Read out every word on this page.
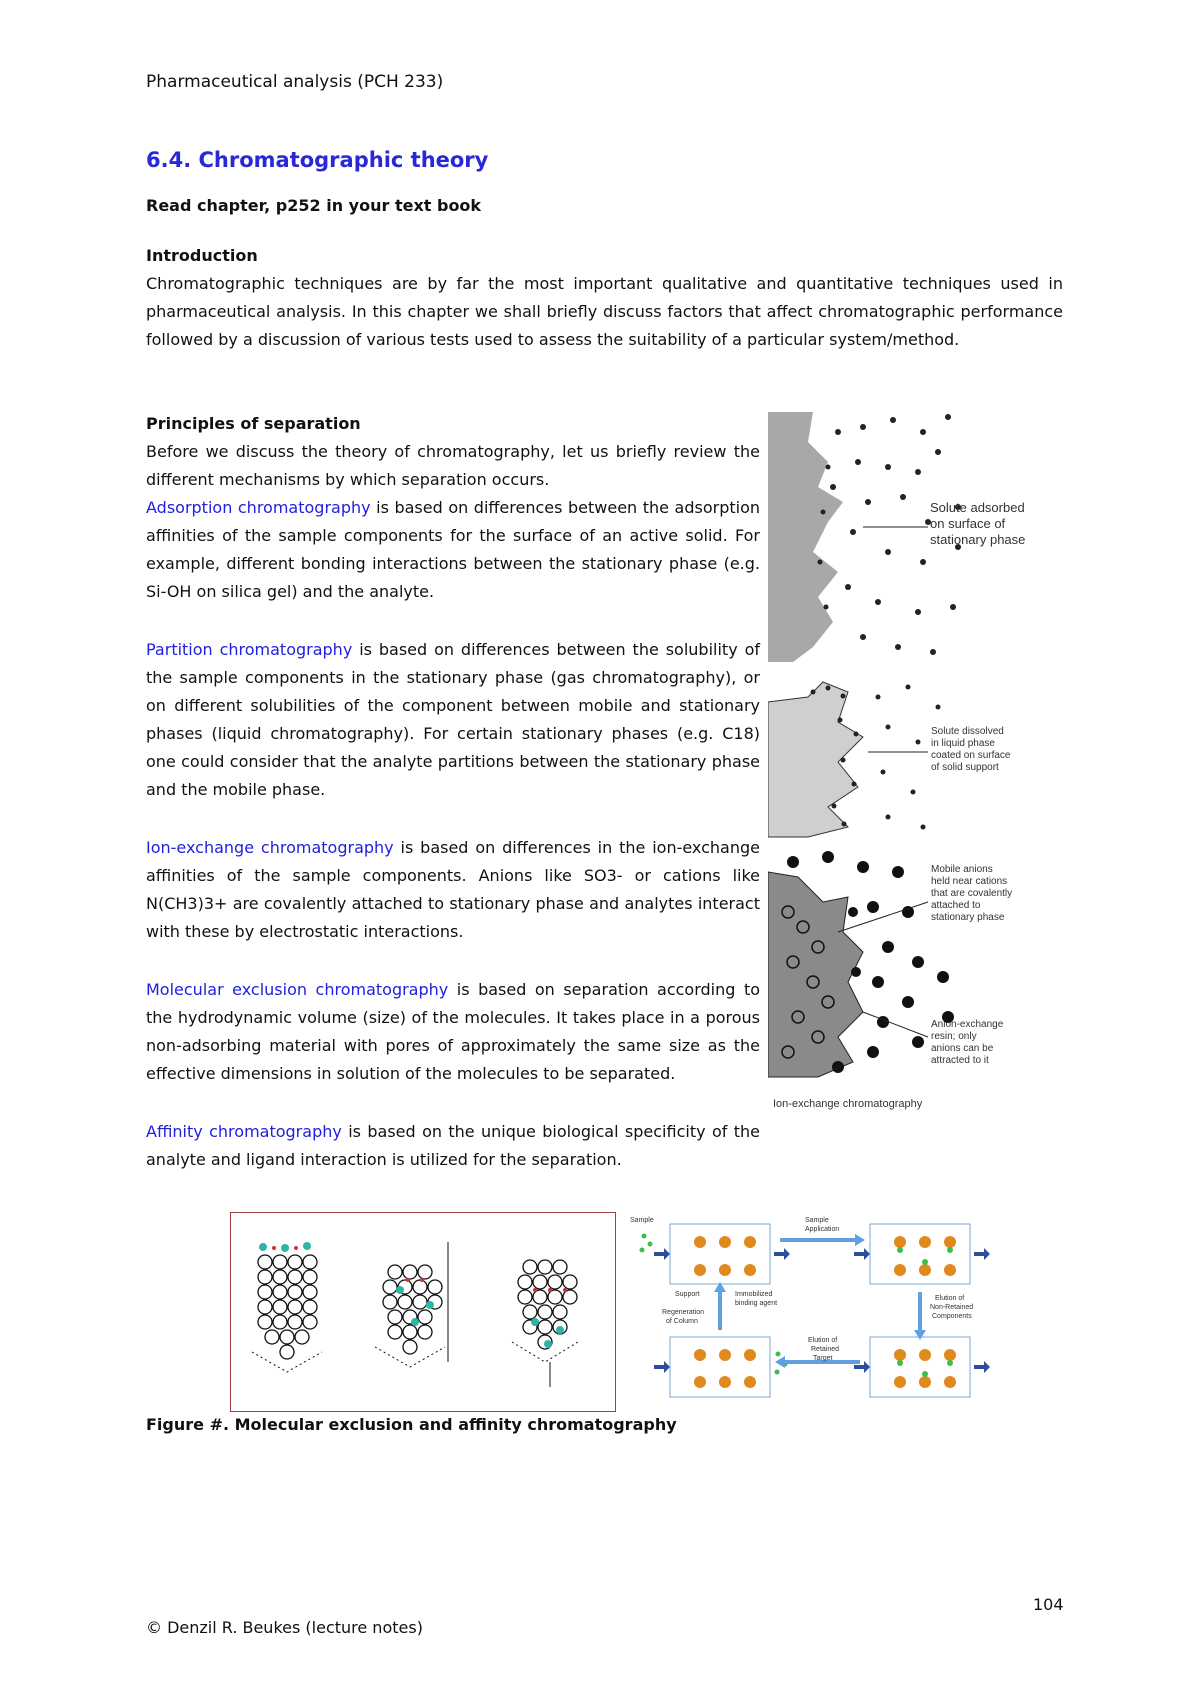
Pharmaceutical analysis (PCH 233)
6.4. Chromatographic theory
Read chapter, p252 in your text book
Introduction
Chromatographic techniques are by far the most important qualitative and quantitative techniques used in pharmaceutical analysis. In this chapter we shall briefly discuss factors that affect chromatographic performance followed by a discussion of various tests used to assess the suitability of a particular system/method.
Principles of separation
Before we discuss the theory of chromatography, let us briefly review the different mechanisms by which separation occurs.
Adsorption chromatography is based on differences between the adsorption affinities of the sample components for the surface of an active solid. For example, different bonding interactions between the stationary phase (e.g. Si-OH on silica gel) and the analyte.
Partition chromatography is based on differences between the solubility of the sample components in the stationary phase (gas chromatography), or on different solubilities of the component between mobile and stationary phases (liquid chromatography). For certain stationary phases (e.g. C18) one could consider that the analyte partitions between the stationary phase and the mobile phase.
Ion-exchange chromatography is based on differences in the ion-exchange affinities of the sample components. Anions like SO3- or cations like N(CH3)3+ are covalently attached to stationary phase and analytes interact with these by electrostatic interactions.
Molecular exclusion chromatography is based on separation according to the hydrodynamic volume (size) of the molecules. It takes place in a porous non-adsorbing material with pores of approximately the same size as the effective dimensions in solution of the molecules to be separated.
Affinity chromatography is based on the unique biological specificity of the analyte and ligand interaction is utilized for the separation.
Solute adsorbed
on surface of
stationary phase
Solute dissolved
in liquid phase
coated on surface
of solid support
Mobile anions
held near cations
that are covalently
attached to
stationary phase
Anion-exchange
resin; only
anions can be
attracted to it
Ion-exchange chromatography
Sample	Sample
Application
Support	Immobilized
binding agent
Regeneration
of Column
Elution of
Non-Retained
Components
Elution of
Retained
Target
Figure #. Molecular exclusion and affinity chromatography
104
© Denzil R. Beukes (lecture notes)
